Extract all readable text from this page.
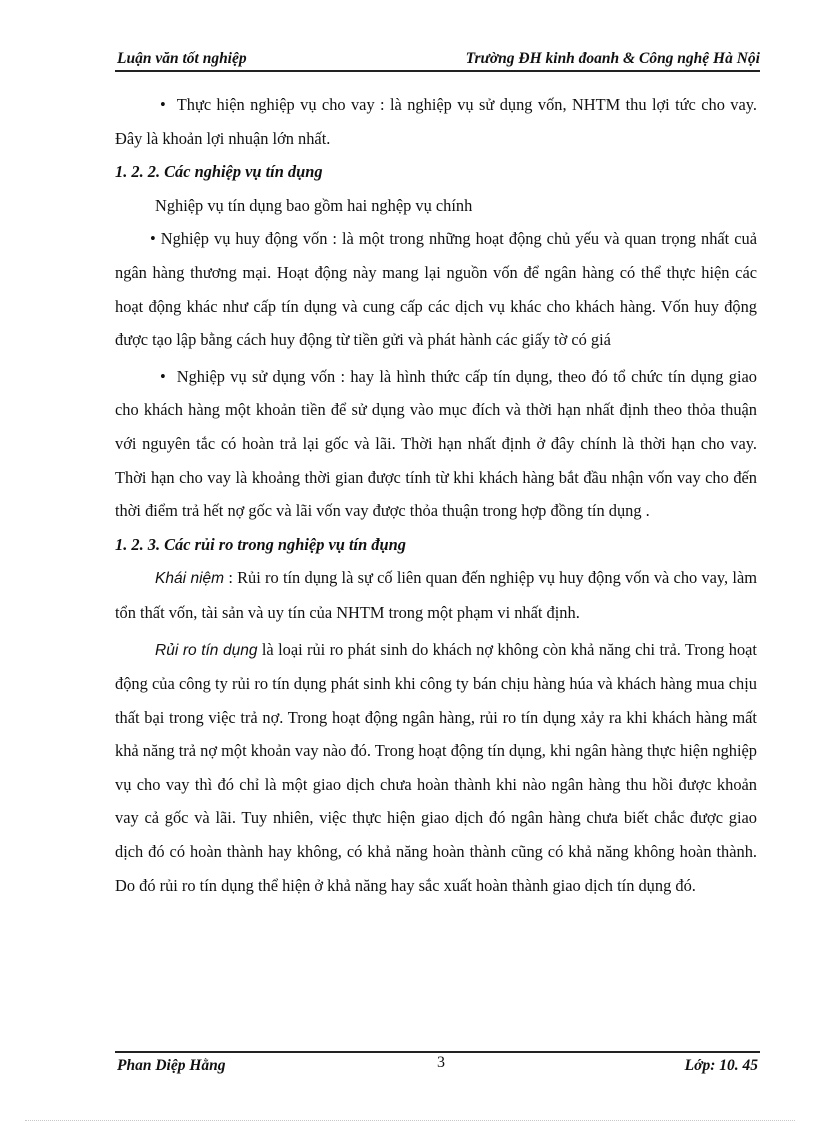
Luận văn tốt nghiệp	Trường ĐH kinh đoanh & Công nghệ Hà Nội

• Thực hiện nghiệp vụ cho vay : là nghiệp vụ sử dụng vốn, NHTM thu lợi tức cho vay. Đây là khoản lợi nhuận lớn nhất.

1. 2. 2. Các nghiệp vụ tín dụng

Nghiệp vụ tín dụng bao gồm hai nghệp vụ chính

• Nghiệp vụ huy động vốn : là một trong những hoạt động chủ yếu và quan trọng nhất cuả ngân hàng thương mại. Hoạt động này mang lại nguồn vốn để ngân hàng có thể thực hiện các hoạt động khác như cấp tín dụng và cung cấp các dịch vụ khác cho khách hàng. Vốn huy động được tạo lập bằng cách huy động từ tiền gửi và phát hành các giấy tờ có giá

• Nghiệp vụ sử dụng vốn : hay là hình thức cấp tín dụng, theo đó tổ chức tín dụng giao cho khách hàng một khoản tiền để sử dụng vào mục đích và thời hạn nhất định theo thỏa thuận với nguyên tắc có hoàn trả lại gốc và lãi. Thời hạn nhất định ở đây chính là thời hạn cho vay. Thời hạn cho vay là khoảng thời gian được tính từ khi khách hàng bắt đầu nhận vốn vay cho đến thời điểm trả hết nợ gốc và lãi vốn vay được thỏa thuận trong hợp đồng tín dụng .

1. 2. 3. Các rủi ro trong nghiệp vụ tín đụng

Khái niệm : Rủi ro tín dụng là sự cố liên quan đến nghiệp vụ huy động vốn và cho vay, làm tổn thất vốn, tài sản và uy tín của NHTM trong một phạm vi nhất định.

Rủi ro tín dụng là loại rủi ro phát sinh do khách nợ không còn khả năng chi trả. Trong hoạt động của công ty rủi ro tín dụng phát sinh khi công ty bán chịu hàng húa và khách hàng mua chịu thất bại trong việc trả nợ. Trong hoạt động ngân hàng, rủi ro tín dụng xảy ra khi khách hàng mất khả năng trả nợ một khoản vay nào đó. Trong hoạt động tín dụng, khi ngân hàng thực hiện nghiệp vụ cho vay thì đó chỉ là một giao dịch chưa hoàn thành khi nào ngân hàng thu hồi được khoản vay cả gốc và lãi. Tuy nhiên, việc thực hiện giao dịch đó ngân hàng chưa biết chắc được giao dịch đó có hoàn thành hay không, có khả năng hoàn thành cũng có khả năng không hoàn thành. Do đó rủi ro tín dụng thể hiện ở khả năng hay sắc xuất hoàn thành giao dịch tín dụng đó.

Phan Diệp Hằng	3	Lớp: 10. 45
